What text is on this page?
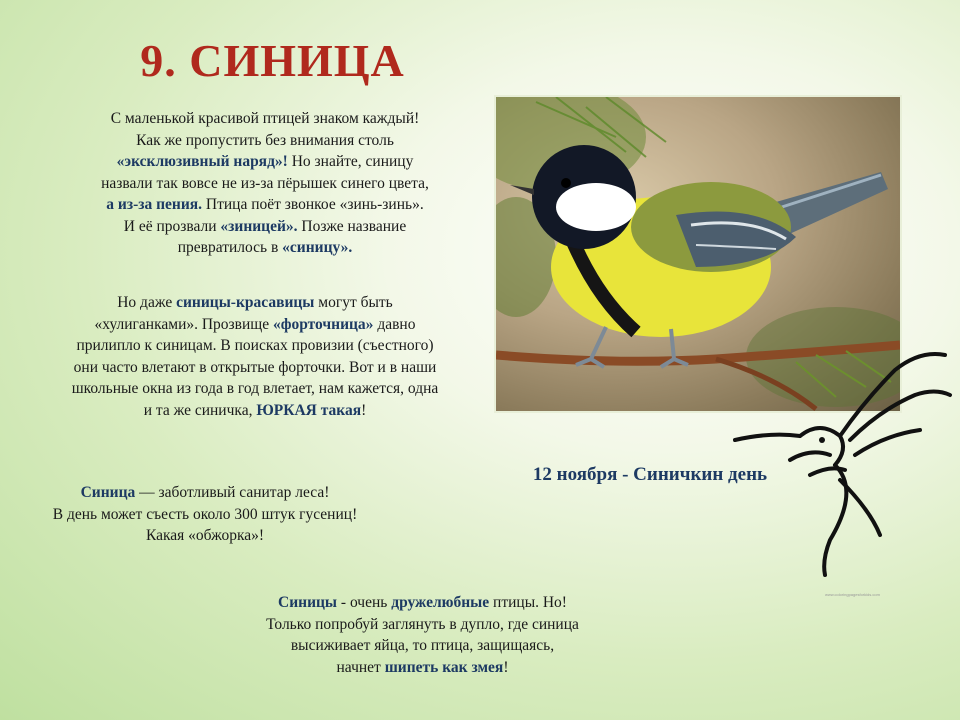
9. СИНИЦА
С маленькой красивой птицей знаком каждый!
Как же пропустить без внимания столь
«эксклюзивный наряд»! Но знайте, синицу
назвали так вовсе не из-за пёрышек синего цвета,
а из-за пения. Птица поёт звонкое «зинь-зинь».
И её прозвали «зиницей». Позже название
превратилось в «синицу».
Но даже синицы-красавицы могут быть
«хулиганками». Прозвище «форточница» давно
прилипло к синицам. В поисках провизии (съестного)
они часто влетают в открытые форточки. Вот и в наши
школьные окна из года в год влетает, нам кажется, одна
и та же синичка, ЮРКАЯ такая!
Синица — заботливый санитар леса!
В день может съесть около 300 штук гусениц!
Какая «обжорка»!
Синицы - очень дружелюбные птицы. Но!
Только попробуй заглянуть в дупло, где синица
высиживает яйца, то птица, защищаясь,
начнет шипеть как змея!
12 ноября - Синичкин день
www.coloringpagesforkids.com
